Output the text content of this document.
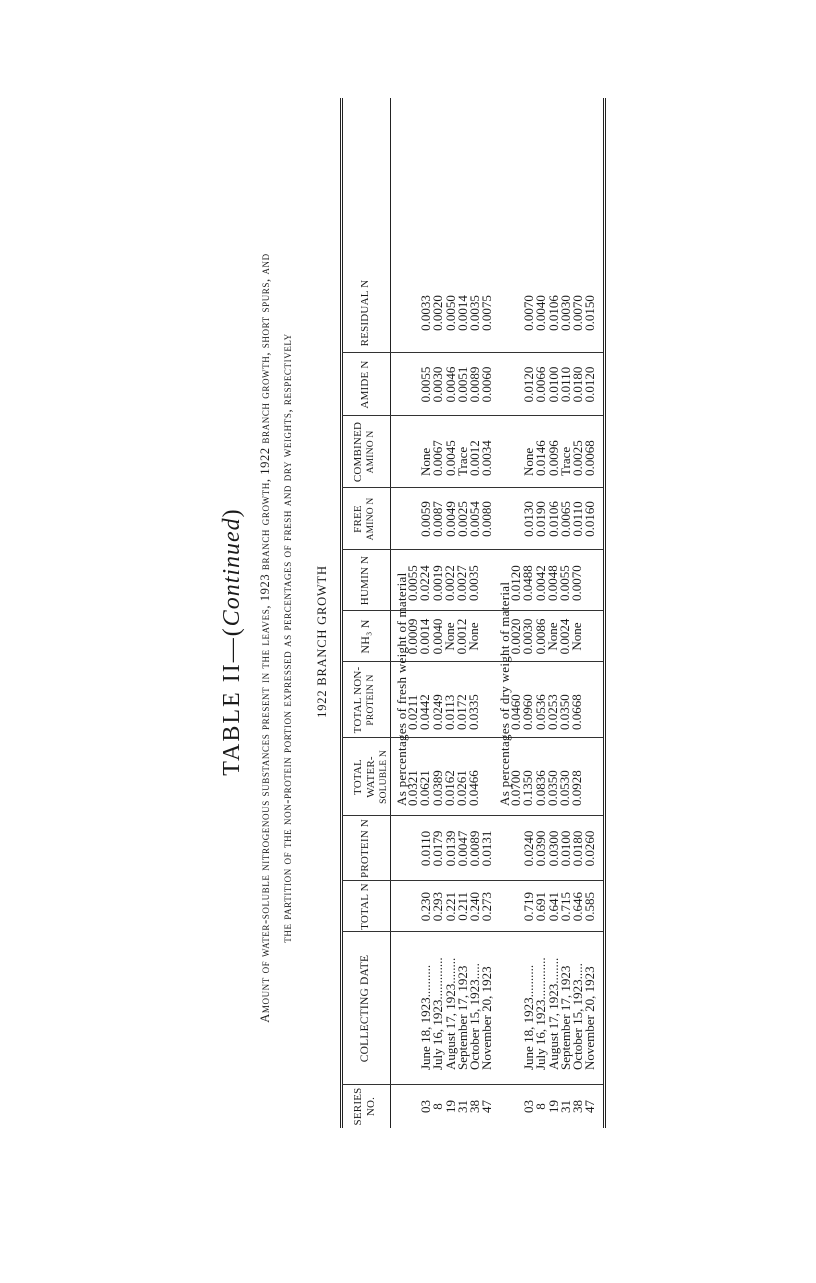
TABLE II—(Continued) Amount of water-soluble nitrogenous substances present in the leaves, 1923 branch growth, 1922 branch growth, short spurs, and the partition of the non-protein portion expressed as percentages of fresh and dry weights, respectively 1922 BRANCH GROWTH
SERIES NO.
COLLECTING DATE
TOTAL N
PROTEIN N
TOTAL WATER- SOLUBLE N
TOTAL NON- PROTEIN N
NH₃ N
HUMIN N
FREE AMINO N
COMBINED AMINO N
AMIDE N
RESIDUAL N
As percentages of fresh weight of material	As percentages of dry weight of material
03
8
19
31
38
47
June 18, 1923..........
July 16, 1923.............
August 17, 1923........
September 17, 1923
October 15, 1923.....
November 20, 1923
0.230
0.293
0.221
0.211
0.240
0.273
0.0110
0.0179
0.0139
0.0047
0.0089
0.0131
0.0321
0.0621
0.0389
0.0162
0.0261
0.0466
0.0211
0.0442
0.0249
0.0113
0.0172
0.0335
0.0009
0.0014
0.0040
None
0.0012
None
0.0055
0.0224
0.0019
0.0022
0.0027
0.0035
0.0059
0.0087
0.0049
0.0025
0.0054
0.0080
None
0.0067
0.0045
Trace
0.0012
0.0034
0.0055
0.0030
0.0046
0.0051
0.0089
0.0060
0.0033
0.0020
0.0050
0.0014
0.0035
0.0075
03
8
19
31
38
47
June 18, 1923..........
July 16, 1923.............
August 17, 1923........
September 17, 1923
October 15, 1923.....
November 20, 1923
0.719
0.691
0.641
0.715
0.646
0.585
0.0240
0.0390
0.0300
0.0100
0.0180
0.0260
0.0700
0.1350
0.0836
0.0350
0.0530
0.0928
0.0460
0.0960
0.0536
0.0253
0.0350
0.0668
0.0020
0.0030
0.0086
None
0.0024
None
0.0120
0.0488
0.0042
0.0048
0.0055
0.0070
0.0130
0.0190
0.0106
0.0065
0.0110
0.0160
None
0.0146
0.0096
Trace
0.0025
0.0068
0.0120
0.0066
0.0100
0.0110
0.0180
0.0120
0.0070
0.0040
0.0106
0.0030
0.0070
0.0150
